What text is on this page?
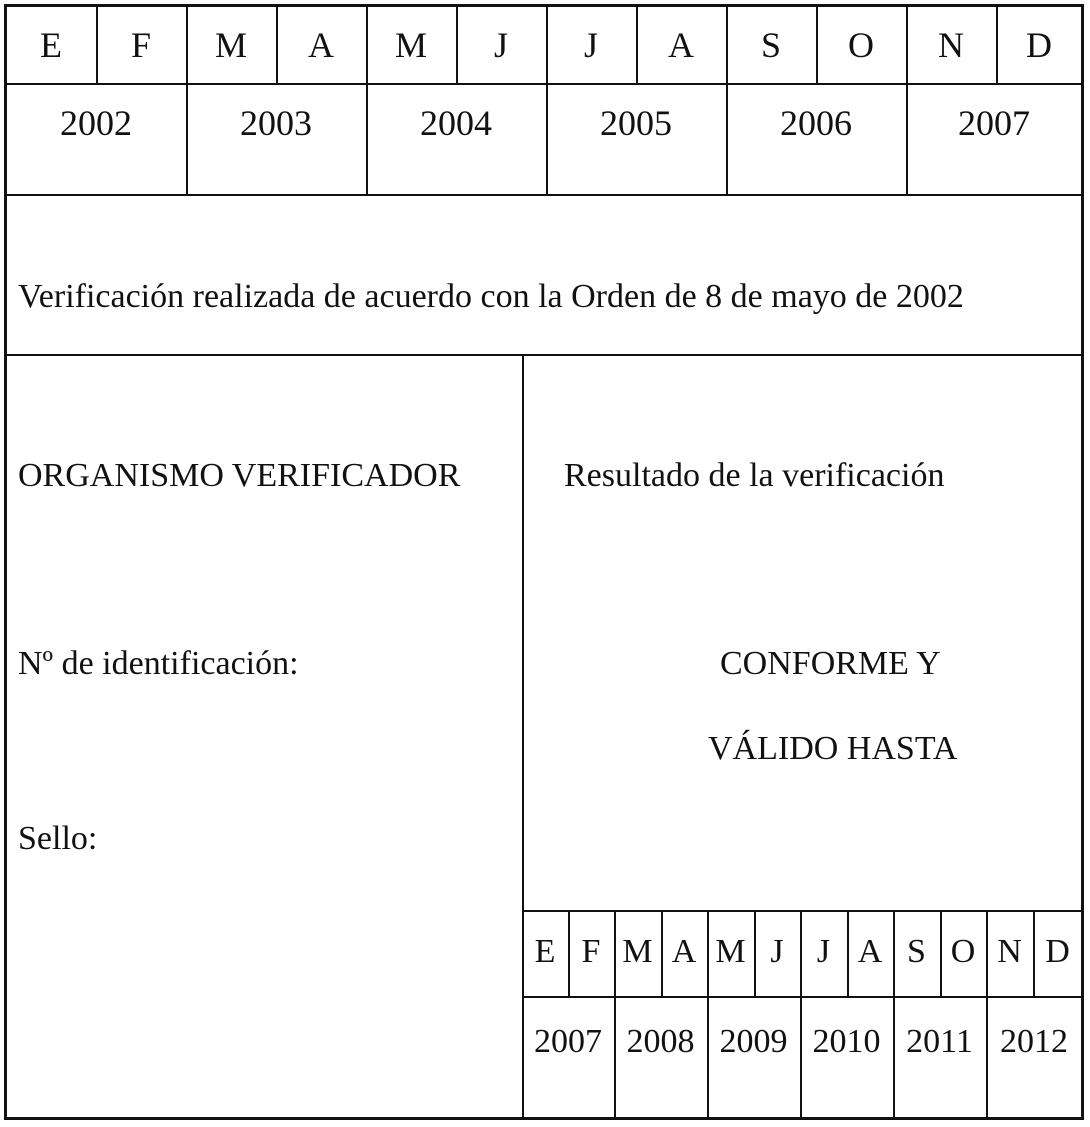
E	F	M	A	M	J	J	A	S	O	N	D
2002	2003	2004	2005	2006	2007
Verificación realizada de acuerdo con la Orden de 8 de mayo de 2002
ORGANISMO VERIFICADOR
Nº de identificación:
Sello:
Resultado de la verificación
CONFORME Y
VÁLIDO HASTA
E F M A M J J A S O N D
2007 2008 2009 2010 2011 2012
